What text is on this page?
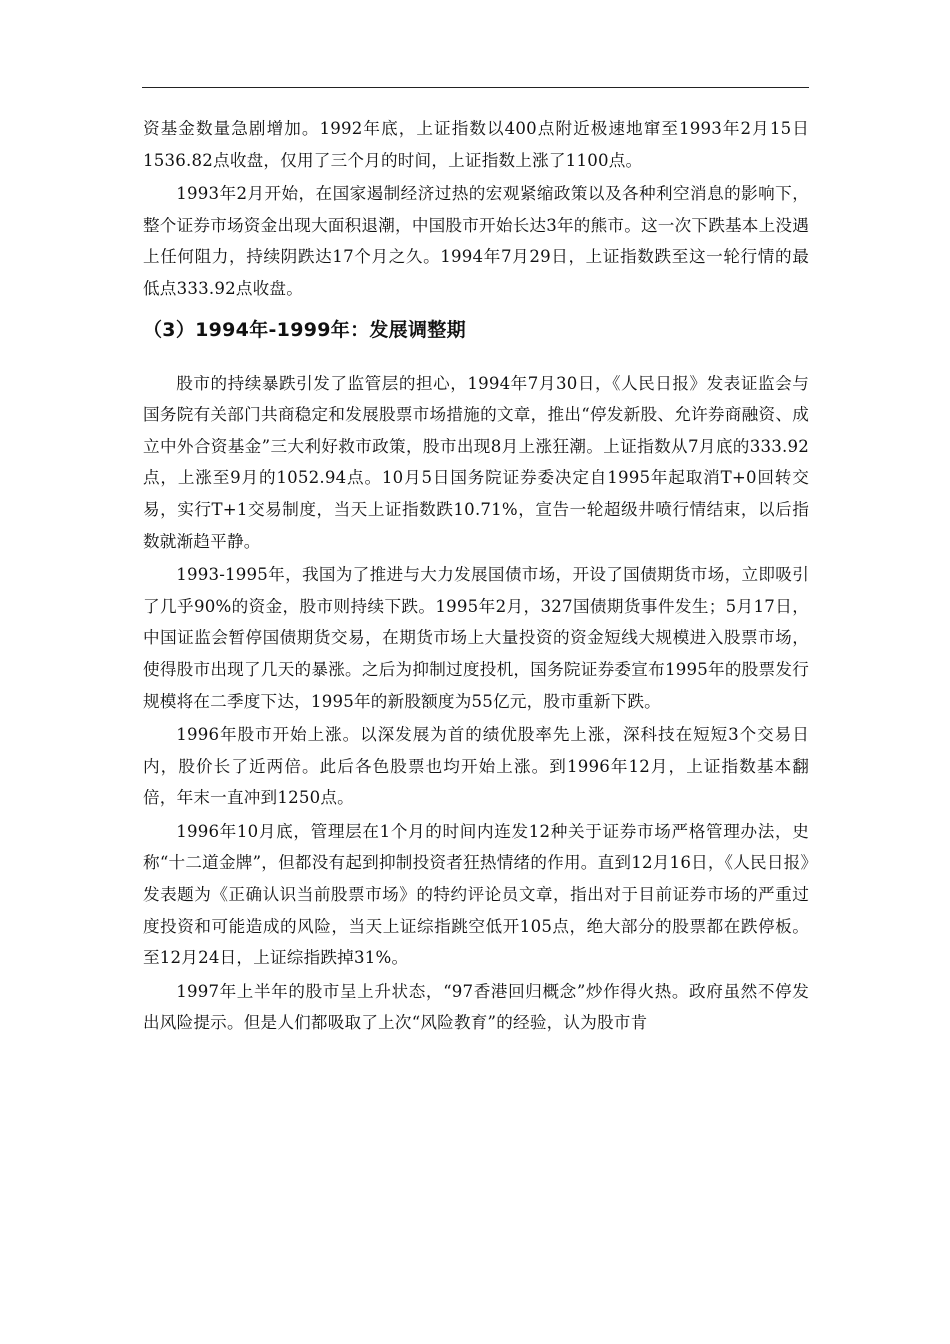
资基金数量急剧增加。1992年底，上证指数以400点附近极速地窜至1993年2月15日1536.82点收盘，仅用了三个月的时间，上证指数上涨了1100点。

1993年2月开始，在国家遏制经济过热的宏观紧缩政策以及各种利空消息的影响下，整个证券市场资金出现大面积退潮，中国股市开始长达3年的熊市。这一次下跌基本上没遇上任何阻力，持续阴跌达17个月之久。1994年7月29日，上证指数跌至这一轮行情的最低点333.92点收盘。

（3）1994年-1999年：发展调整期

股市的持续暴跌引发了监管层的担心，1994年7月30日，《人民日报》发表证监会与国务院有关部门共商稳定和发展股票市场措施的文章，推出“停发新股、允许券商融资、成立中外合资基金”三大利好救市政策，股市出现8月上涨狂潮。上证指数从7月底的333.92点，上涨至9月的1052.94点。10月5日国务院证券委决定自1995年起取消T+0回转交易，实行T+1交易制度，当天上证指数跌10.71%，宣告一轮超级井喷行情结束，以后指数就渐趋平静。

1993-1995年，我国为了推进与大力发展国债市场，开设了国债期货市场，立即吸引了几乎90%的资金，股市则持续下跌。1995年2月，327国债期货事件发生；5月17日，中国证监会暂停国债期货交易，在期货市场上大量投资的资金短线大规模进入股票市场，使得股市出现了几天的暴涨。之后为抑制过度投机，国务院证券委宣布1995年的股票发行规模将在二季度下达，1995年的新股额度为55亿元，股市重新下跌。

1996年股市开始上涨。以深发展为首的绩优股率先上涨，深科技在短短3个交易日内，股价长了近两倍。此后各色股票也均开始上涨。到1996年12月，上证指数基本翻倍，年末一直冲到1250点。

1996年10月底，管理层在1个月的时间内连发12种关于证券市场严格管理办法，史称“十二道金牌”，但都没有起到抑制投资者狂热情绪的作用。直到12月16日，《人民日报》发表题为《正确认识当前股票市场》的特约评论员文章，指出对于目前证券市场的严重过度投资和可能造成的风险，当天上证综指跳空低开105点，绝大部分的股票都在跌停板。至12月24日，上证综指跌掉31%。

1997年上半年的股市呈上升状态，“97香港回归概念”炒作得火热。政府虽然不停发出风险提示。但是人们都吸取了上次“风险教育”的经验，认为股市肯
